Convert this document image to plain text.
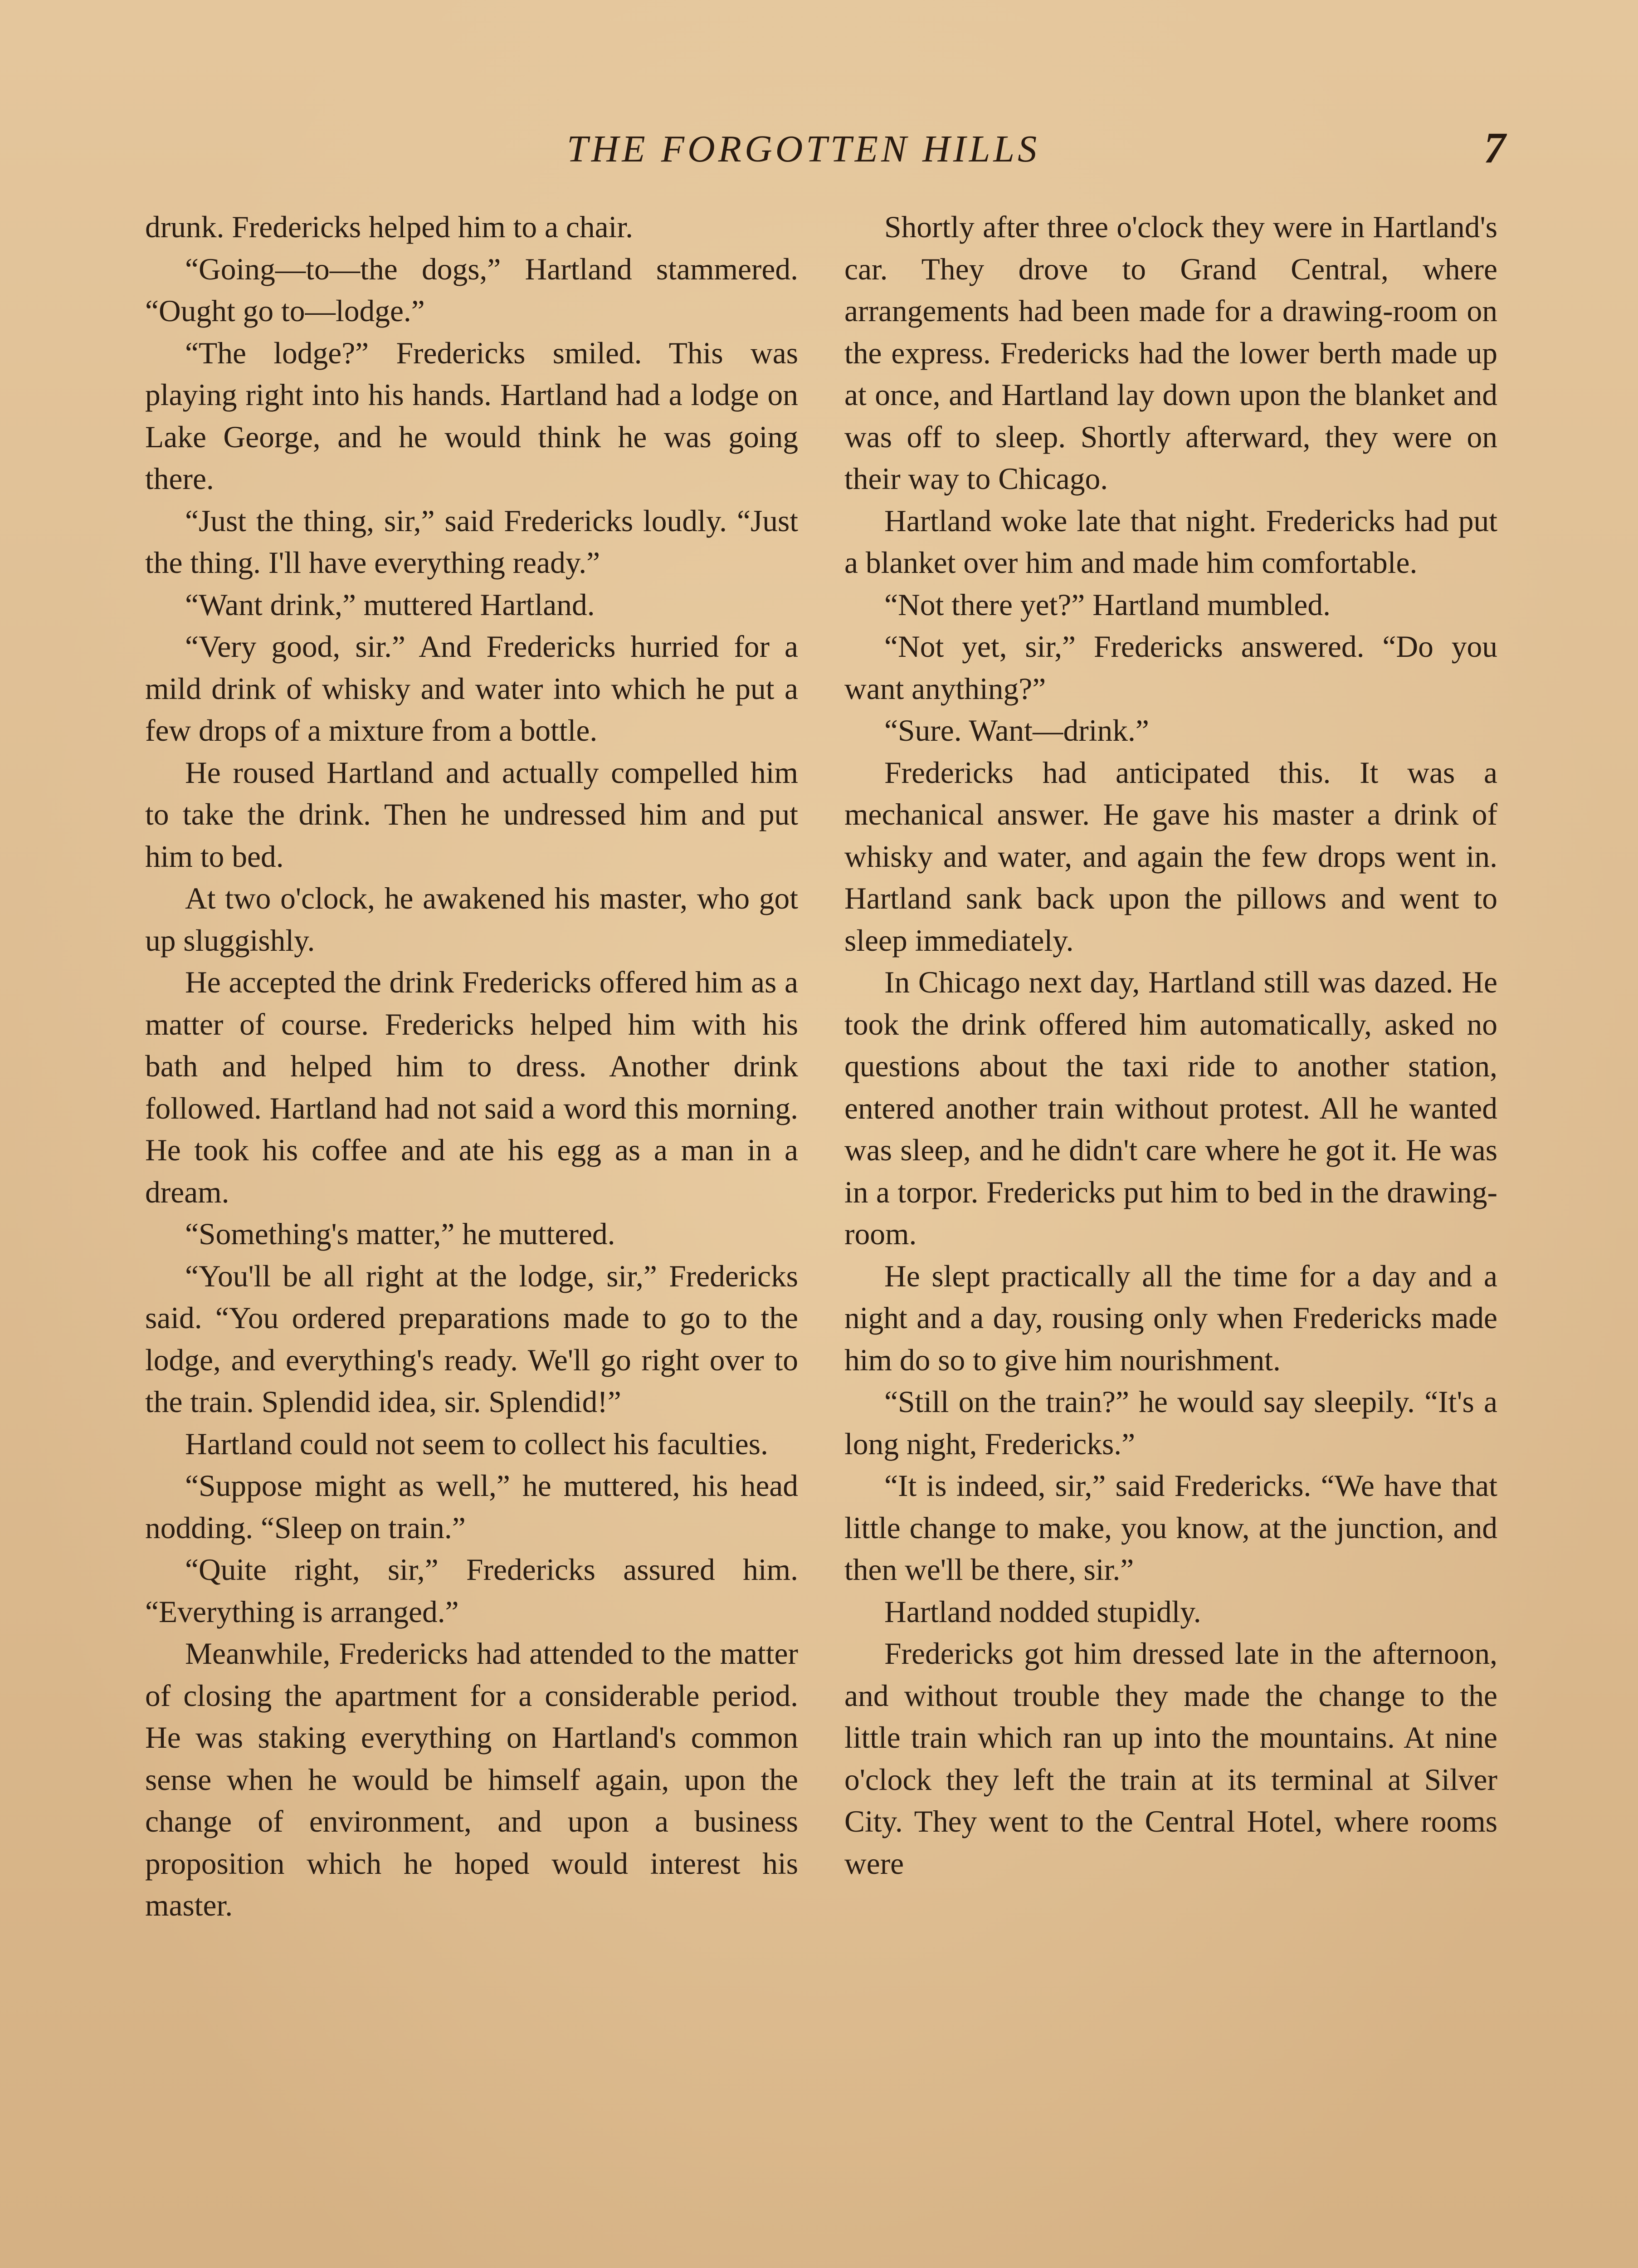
THE FORGOTTEN HILLS	7

drunk. Fredericks helped him to a chair.

“Going—to—the dogs,” Hartland stammered. “Ought go to—lodge.”

“The lodge?” Fredericks smiled. This was playing right into his hands. Hartland had a lodge on Lake George, and he would think he was going there.

“Just the thing, sir,” said Fredericks loudly. “Just the thing. I'll have everything ready.”

“Want drink,” muttered Hartland.

“Very good, sir.” And Fredericks hurried for a mild drink of whisky and water into which he put a few drops of a mixture from a bottle.

He roused Hartland and actually compelled him to take the drink. Then he undressed him and put him to bed.

At two o'clock, he awakened his master, who got up sluggishly.

He accepted the drink Fredericks offered him as a matter of course. Fredericks helped him with his bath and helped him to dress. Another drink followed. Hartland had not said a word this morning. He took his coffee and ate his egg as a man in a dream.

“Something's matter,” he muttered.

“You'll be all right at the lodge, sir,” Fredericks said. “You ordered preparations made to go to the lodge, and everything's ready. We'll go right over to the train. Splendid idea, sir. Splendid!”

Hartland could not seem to collect his faculties.

“Suppose might as well,” he muttered, his head nodding. “Sleep on train.”

“Quite right, sir,” Fredericks assured him. “Everything is arranged.”

Meanwhile, Fredericks had attended to the matter of closing the apartment for a considerable period. He was staking everything on Hartland's common sense when he would be himself again, upon the change of environment, and upon a business proposition which he hoped would interest his master.

Shortly after three o'clock they were in Hartland's car. They drove to Grand Central, where arrangements had been made for a drawing-room on the express. Fredericks had the lower berth made up at once, and Hartland lay down upon the blanket and was off to sleep. Shortly afterward, they were on their way to Chicago.

Hartland woke late that night. Fredericks had put a blanket over him and made him comfortable.

“Not there yet?” Hartland mumbled.

“Not yet, sir,” Fredericks answered. “Do you want anything?”

“Sure. Want—drink.”

Fredericks had anticipated this. It was a mechanical answer. He gave his master a drink of whisky and water, and again the few drops went in. Hartland sank back upon the pillows and went to sleep immediately.

In Chicago next day, Hartland still was dazed. He took the drink offered him automatically, asked no questions about the taxi ride to another station, entered another train without protest. All he wanted was sleep, and he didn't care where he got it. He was in a torpor. Fredericks put him to bed in the drawing-room.

He slept practically all the time for a day and a night and a day, rousing only when Fredericks made him do so to give him nourishment.

“Still on the train?” he would say sleepily. “It's a long night, Fredericks.”

“It is indeed, sir,” said Fredericks. “We have that little change to make, you know, at the junction, and then we'll be there, sir.”

Hartland nodded stupidly.

Fredericks got him dressed late in the afternoon, and without trouble they made the change to the little train which ran up into the mountains. At nine o'clock they left the train at its terminal at Silver City. They went to the Central Hotel, where rooms were
